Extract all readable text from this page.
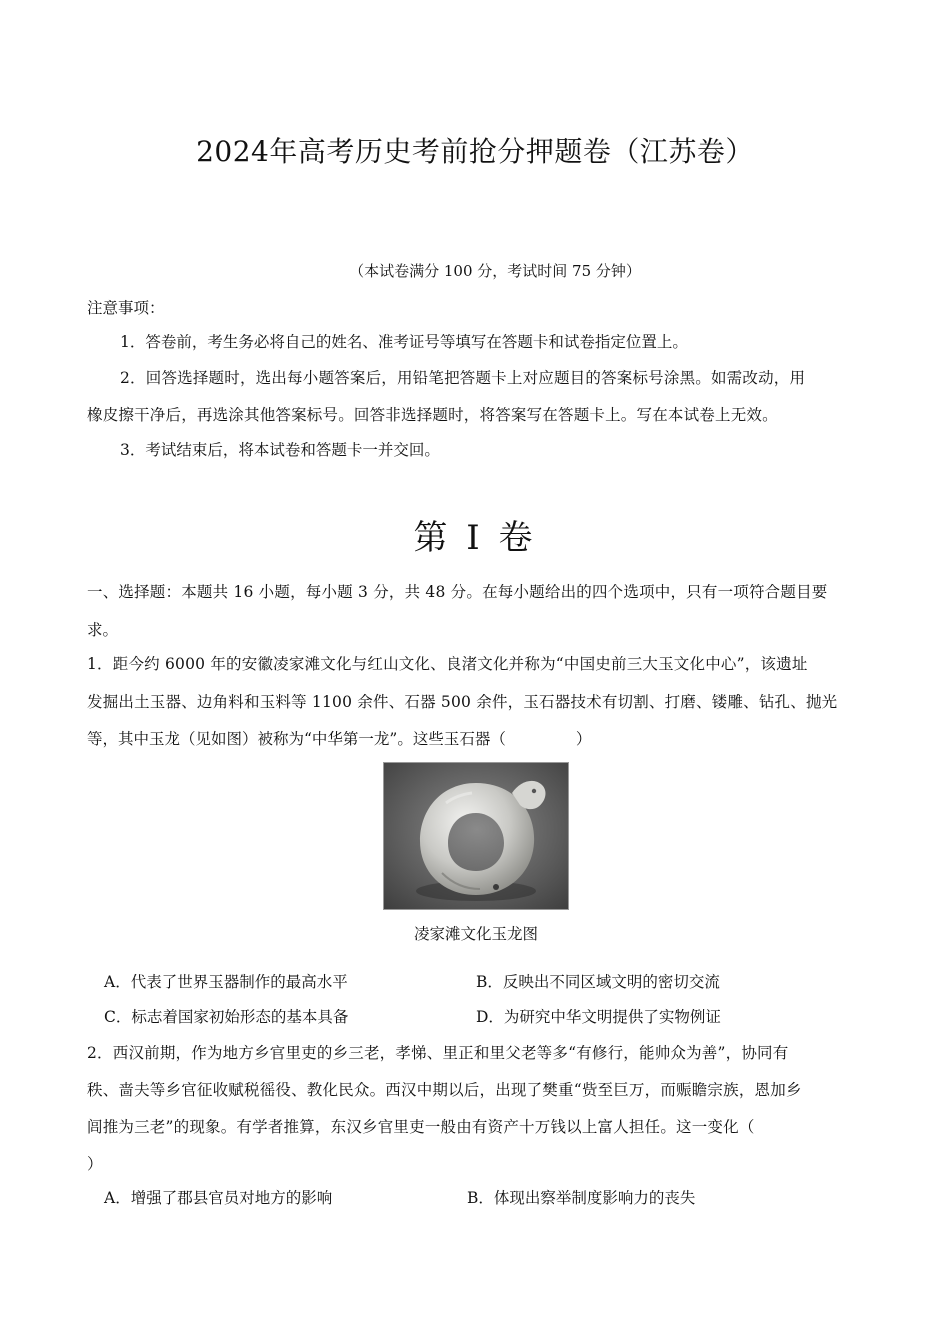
2024年高考历史考前抢分押题卷（江苏卷）
（本试卷满分 100 分，考试时间 75 分钟）
注意事项：
1．答卷前，考生务必将自己的姓名、准考证号等填写在答题卡和试卷指定位置上。
2．回答选择题时，选出每小题答案后，用铅笔把答题卡上对应题目的答案标号涂黑。如需改动，用
橡皮擦干净后，再选涂其他答案标号。回答非选择题时，将答案写在答题卡上。写在本试卷上无效。
3．考试结束后，将本试卷和答题卡一并交回。
第 I 卷
一、选择题：本题共 16 小题，每小题 3 分，共 48 分。在每小题给出的四个选项中，只有一项符合题目要
求。
1．距今约 6000 年的安徽凌家滩文化与红山文化、良渚文化并称为“中国史前三大玉文化中心”，该遗址
发掘出土玉器、边角料和玉料等 1100 余件、石器 500 余件，玉石器技术有切割、打磨、镂雕、钻孔、抛光
等，其中玉龙（见如图）被称为“中华第一龙”。这些玉石器（	）
凌家滩文化玉龙图
A．代表了世界玉器制作的最高水平	B．反映出不同区域文明的密切交流
C．标志着国家初始形态的基本具备	D．为研究中华文明提供了实物例证
2．西汉前期，作为地方乡官里吏的乡三老，孝悌、里正和里父老等多“有修行，能帅众为善”，协同有
秩、啬夫等乡官征收赋税徭役、教化民众。西汉中期以后，出现了樊重“赀至巨万，而赈瞻宗族，恩加乡
闾推为三老”的现象。有学者推算，东汉乡官里吏一般由有资产十万钱以上富人担任。这一变化（
）
A．增强了郡县官员对地方的影响	B．体现出察举制度影响力的丧失
